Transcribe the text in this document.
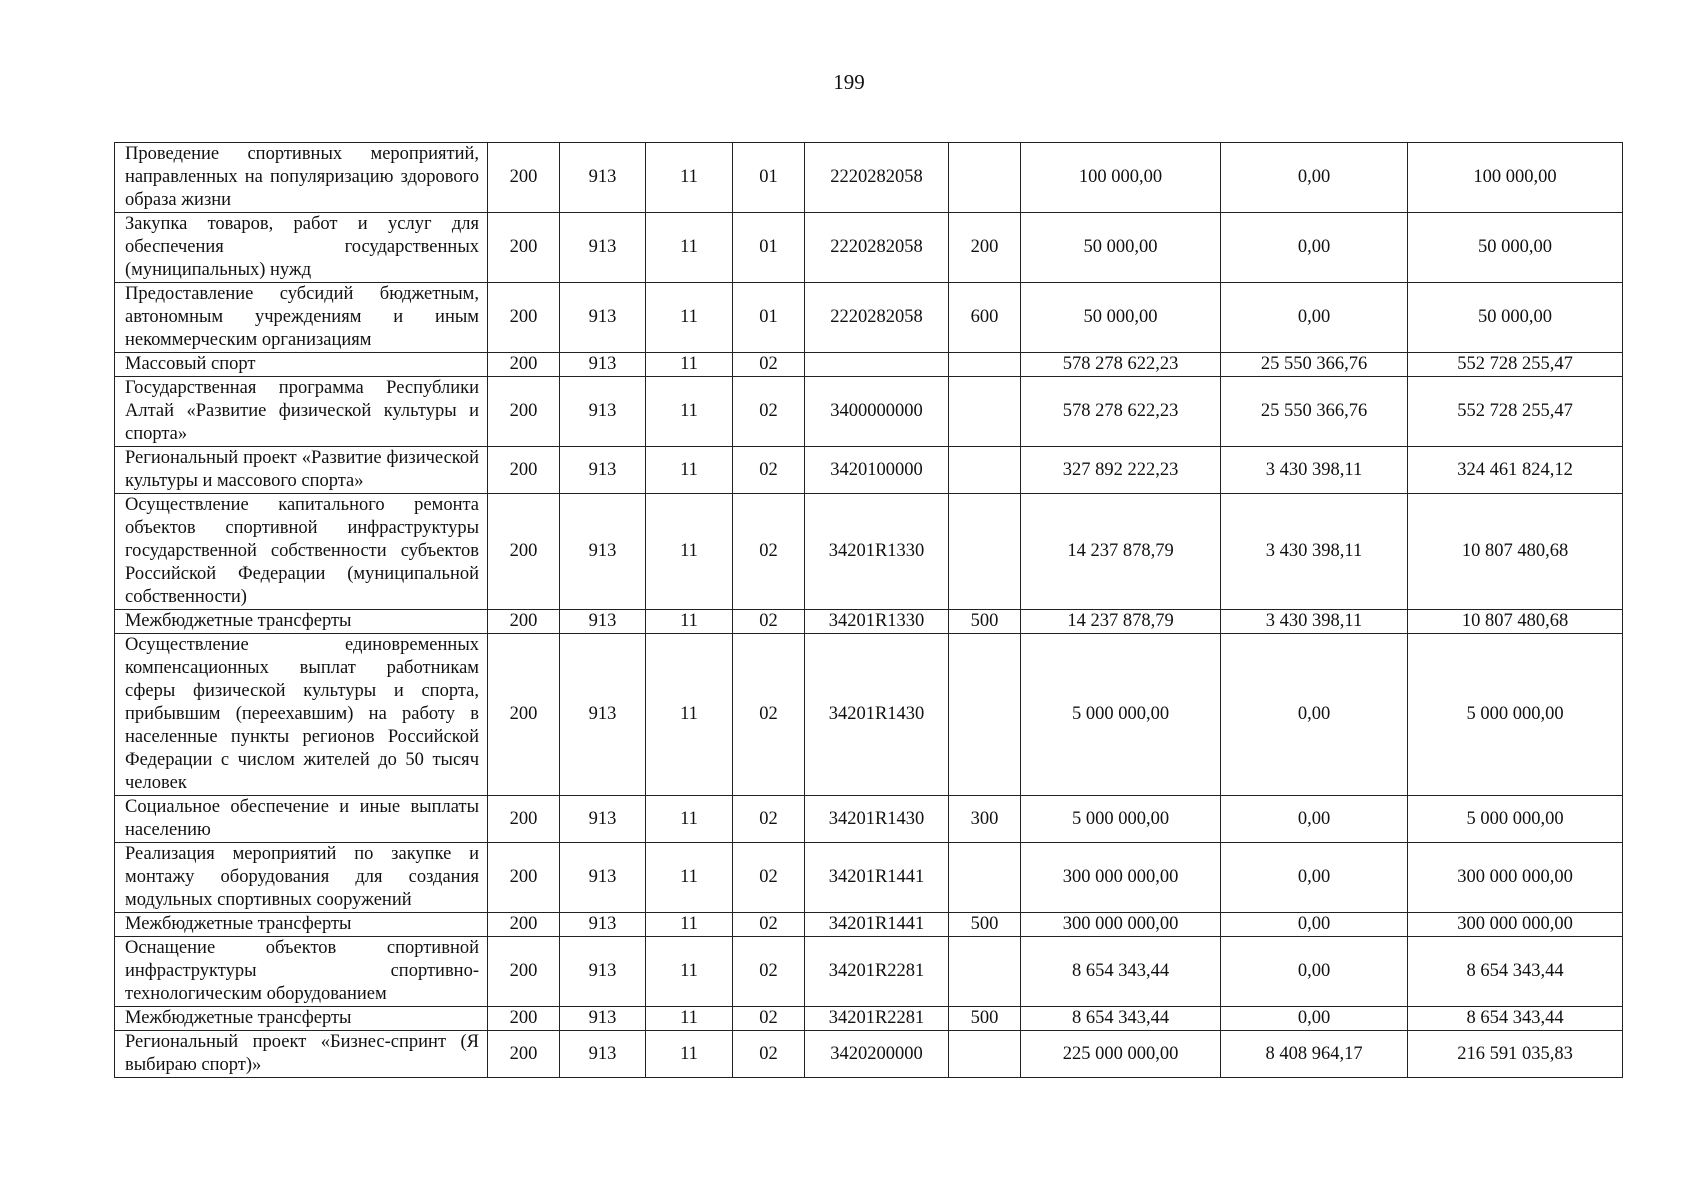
199
Проведение спортивных мероприятий, направленных на популяризацию здорового образа жизни	200	913	11	01	2220282058		100 000,00	0,00	100 000,00
Закупка товаров, работ и услуг для обеспечения государственных (муниципальных) нужд	200	913	11	01	2220282058	200	50 000,00	0,00	50 000,00
Предоставление субсидий бюджетным, автономным учреждениям и иным некоммерческим организациям	200	913	11	01	2220282058	600	50 000,00	0,00	50 000,00
Массовый спорт	200	913	11	02			578 278 622,23	25 550 366,76	552 728 255,47
Государственная программа Республики Алтай «Развитие физической культуры и спорта»	200	913	11	02	3400000000		578 278 622,23	25 550 366,76	552 728 255,47
Региональный проект «Развитие физической культуры и массового спорта»	200	913	11	02	3420100000		327 892 222,23	3 430 398,11	324 461 824,12
Осуществление капитального ремонта объектов спортивной инфраструктуры государственной собственности субъектов Российской Федерации (муниципальной собственности)	200	913	11	02	34201R1330		14 237 878,79	3 430 398,11	10 807 480,68
Межбюджетные трансферты	200	913	11	02	34201R1330	500	14 237 878,79	3 430 398,11	10 807 480,68
Осуществление единовременных компенсационных выплат работникам сферы физической культуры и спорта, прибывшим (переехавшим) на работу в населенные пункты регионов Российской Федерации с числом жителей до 50 тысяч человек	200	913	11	02	34201R1430		5 000 000,00	0,00	5 000 000,00
Социальное обеспечение и иные выплаты населению	200	913	11	02	34201R1430	300	5 000 000,00	0,00	5 000 000,00
Реализация мероприятий по закупке и монтажу оборудования для создания модульных спортивных сооружений	200	913	11	02	34201R1441		300 000 000,00	0,00	300 000 000,00
Межбюджетные трансферты	200	913	11	02	34201R1441	500	300 000 000,00	0,00	300 000 000,00
Оснащение объектов спортивной инфраструктуры спортивно-технологическим оборудованием	200	913	11	02	34201R2281		8 654 343,44	0,00	8 654 343,44
Межбюджетные трансферты	200	913	11	02	34201R2281	500	8 654 343,44	0,00	8 654 343,44
Региональный проект «Бизнес-спринт (Я выбираю спорт)»	200	913	11	02	3420200000		225 000 000,00	8 408 964,17	216 591 035,83
